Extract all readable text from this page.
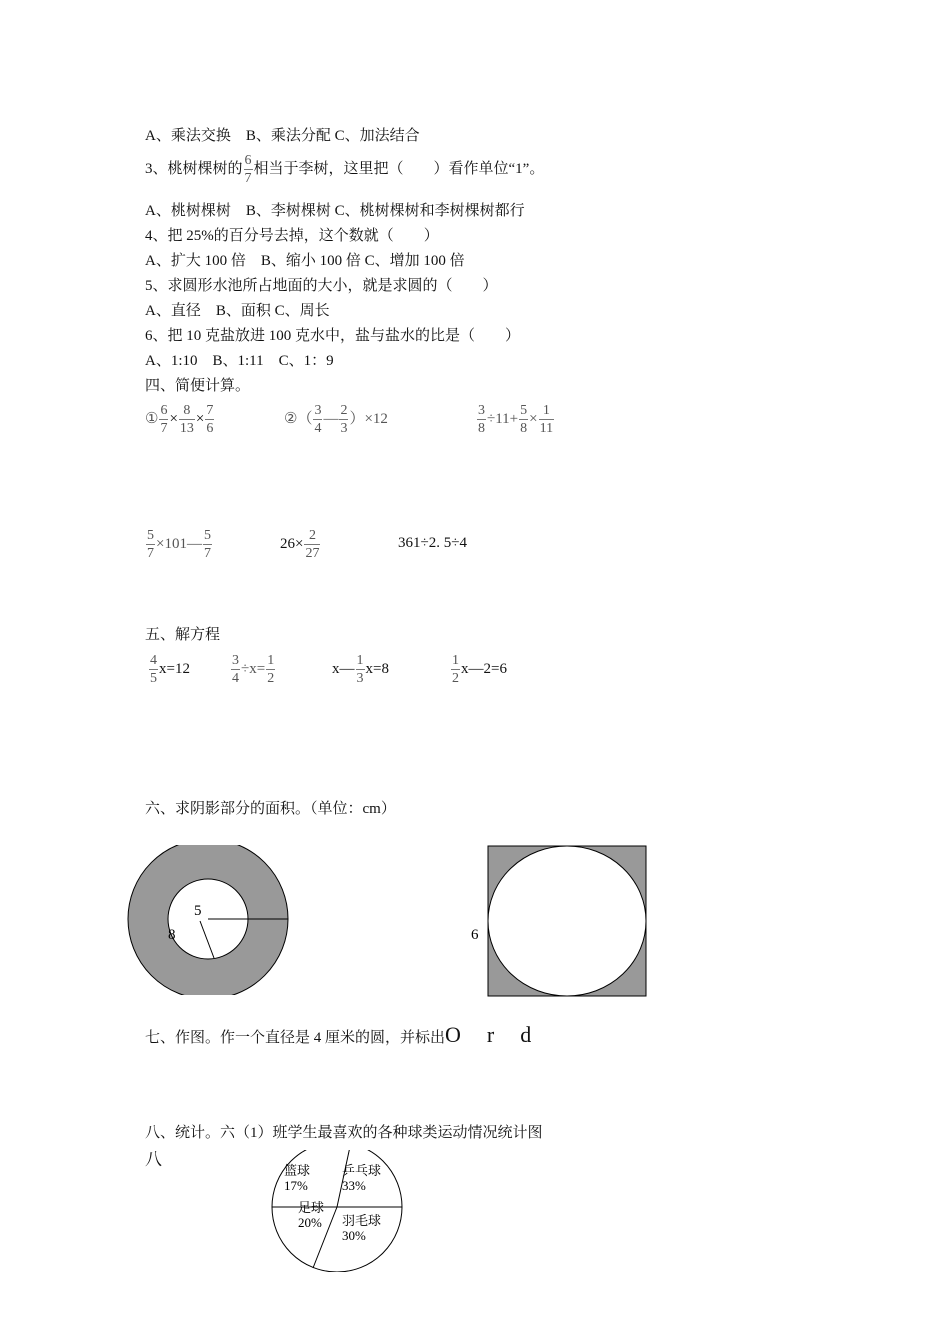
A、乘法交换　B、乘法分配 C、加法结合
3、桃树棵树的 $\frac{6}{7}$ 相当于李树，这里把（　　）看作单位“1”。
A、桃树棵树　B、李树棵树 C、桃树棵树和李树棵树都行
4、把 25%的百分号去掉，这个数就（　　）
A、扩大 100 倍　B、缩小 100 倍 C、增加 100 倍
5、求圆形水池所占地面的大小，就是求圆的（　　）
A、直径　B、面积 C、周长
6、把 10 克盐放进 100 克水中，盐与盐水的比是（　　）
A、1:10　B、1:11　C、1：9
四、简便计算。
① $\frac{6}{7} \times \frac{8}{13} \times \frac{7}{6}$	②（ $\frac{3}{4}$ — $\frac{2}{3} )\times 12$	$\frac{3}{8} \div 11+ \frac{5}{8} \times \frac{1}{11}$
$\frac{5}{7}$ ×101— $\frac{5}{7}$	$26\times \frac{2}{27}$	361÷2. 5÷4
五、解方程
$\frac{4}{5} x=12$	$\frac{3}{4} \div x= \frac{1}{2}$	x— $\frac{1}{3} x=8$	$\frac{1}{2}$ x—2=6
六、求阴影部分的面积。（单位：cm）
5
8	6
七、作图。作一个直径是 4 厘米的圆，并标出O　r　d
八、统计。六（1）班学生最喜欢的各种球类运动情况统计图
八
篮球
17%
乒乓球
33%
足球
20% 羽毛球
30%
